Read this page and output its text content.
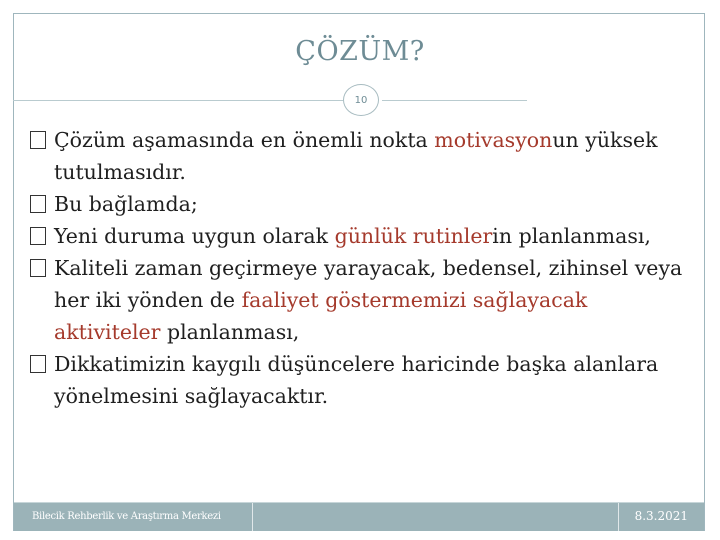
ÇÖZÜM?
10

Çözüm aşamasında en önemli nokta motivasyonun yüksek tutulmasıdır.

Bu bağlamda;

Yeni duruma uygun olarak günlük rutinlerin planlanması,

Kaliteli zaman geçirmeye yarayacak, bedensel, zihinsel veya her iki yönden de faaliyet göstermemizi sağlayacak aktiviteler planlanması,

Dikkatimizin kaygılı düşüncelere haricinde başka alanlara yönelmesini sağlayacaktır.

Bilecik Rehberlik ve Araştırma Merkezi	8.3.2021
